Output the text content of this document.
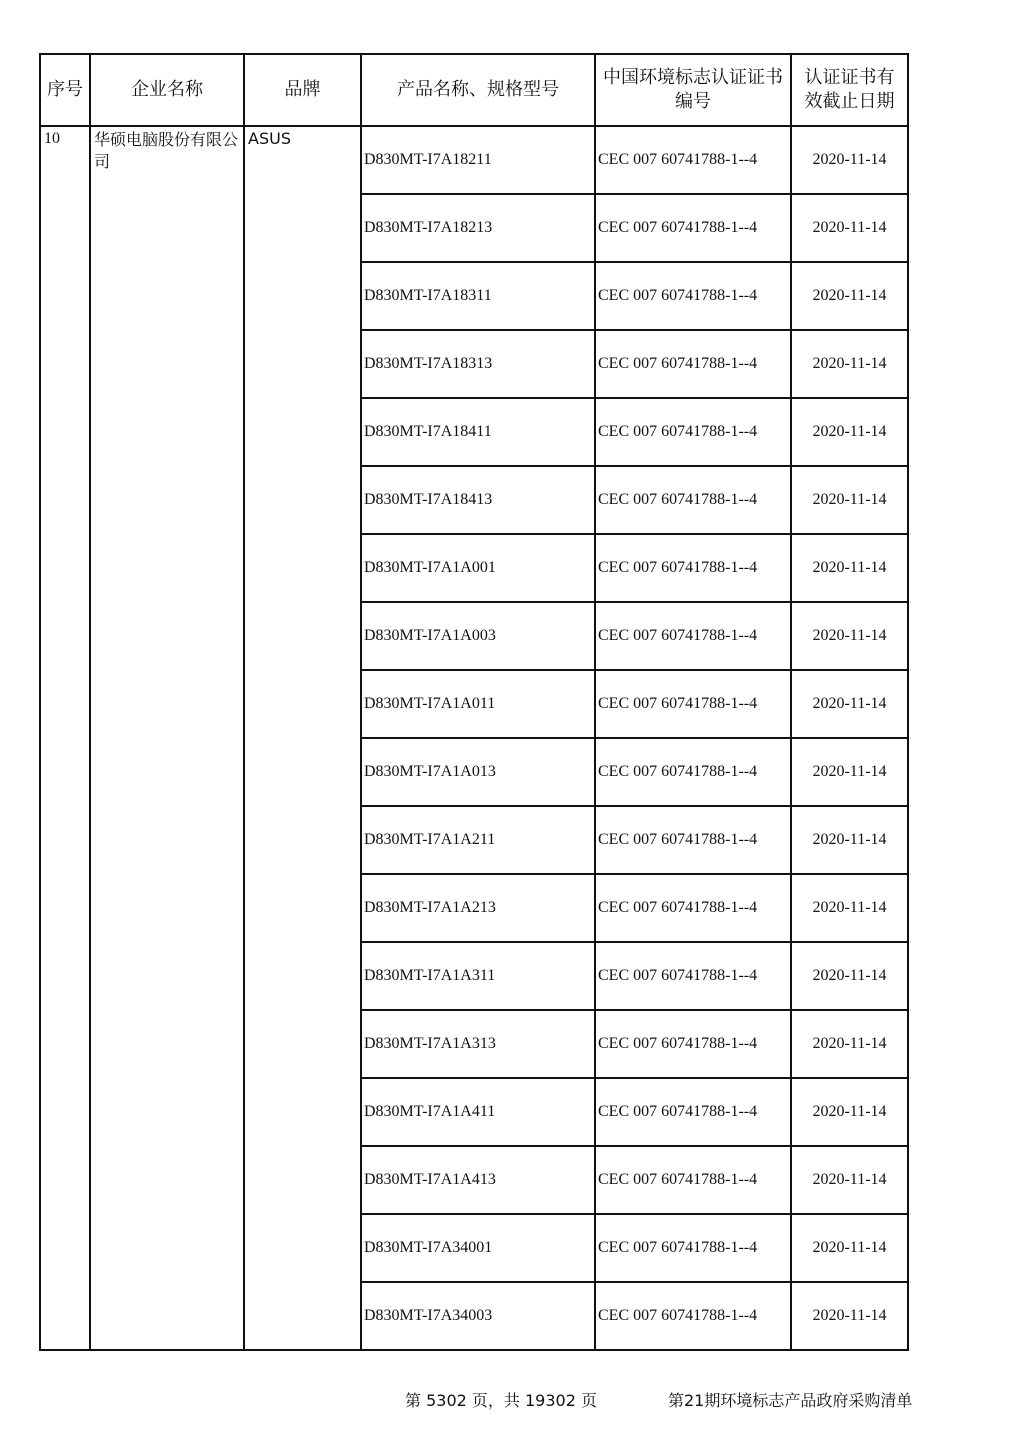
序号	企业名称	品牌	产品名称、规格型号	中国环境标志认证证书编号	认证证书有效截止日期
10	华硕电脑股份有限公司	ASUS	D830MT-I7A18211	CEC 007 60741788-1--4	2020-11-14
			D830MT-I7A18213	CEC 007 60741788-1--4	2020-11-14
			D830MT-I7A18311	CEC 007 60741788-1--4	2020-11-14
			D830MT-I7A18313	CEC 007 60741788-1--4	2020-11-14
			D830MT-I7A18411	CEC 007 60741788-1--4	2020-11-14
			D830MT-I7A18413	CEC 007 60741788-1--4	2020-11-14
			D830MT-I7A1A001	CEC 007 60741788-1--4	2020-11-14
			D830MT-I7A1A003	CEC 007 60741788-1--4	2020-11-14
			D830MT-I7A1A011	CEC 007 60741788-1--4	2020-11-14
			D830MT-I7A1A013	CEC 007 60741788-1--4	2020-11-14
			D830MT-I7A1A211	CEC 007 60741788-1--4	2020-11-14
			D830MT-I7A1A213	CEC 007 60741788-1--4	2020-11-14
			D830MT-I7A1A311	CEC 007 60741788-1--4	2020-11-14
			D830MT-I7A1A313	CEC 007 60741788-1--4	2020-11-14
			D830MT-I7A1A411	CEC 007 60741788-1--4	2020-11-14
			D830MT-I7A1A413	CEC 007 60741788-1--4	2020-11-14
			D830MT-I7A34001	CEC 007 60741788-1--4	2020-11-14
			D830MT-I7A34003	CEC 007 60741788-1--4	2020-11-14
第 5302 页，共 19302 页	第21期环境标志产品政府采购清单
